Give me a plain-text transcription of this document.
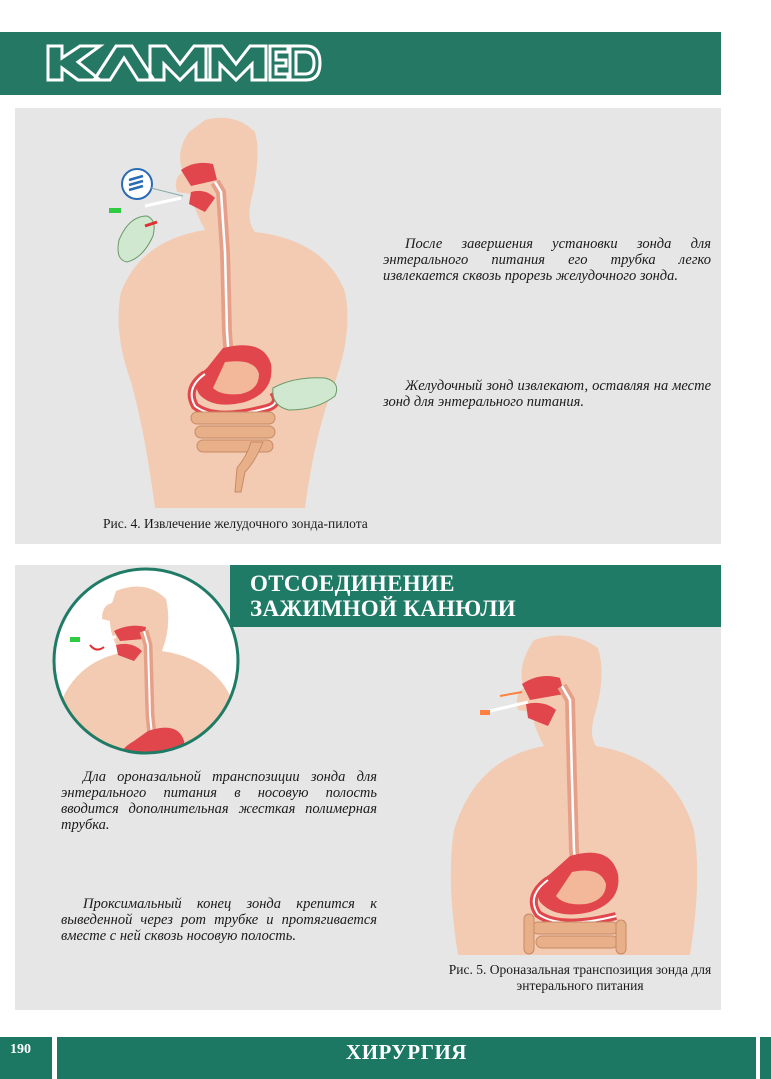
После завершения установки зонда для энтерального питания его трубка легко извлекается сквозь прорезь желудочного зонда.
Желудочный зонд извлекают, оставляя на месте зонд для энтерального питания.
Рис. 4. Извлечение желудочного зонда-пилота
ОТСОЕДИНЕНИЕ
ЗАЖИМНОЙ КАНЮЛИ
Дла оронaзальной транспозиции зонда для энтерального питания в носовую полость вводится дополнительная жесткая полимерная трубка.
Проксимальный конец зонда крепится к выведенной через рот трубке и протягивается вместе с ней сквозь носовую полость.
Рис. 5. Ороназальная транспозиция зонда для
энтерального питания
190	ХИРУРГИЯ
